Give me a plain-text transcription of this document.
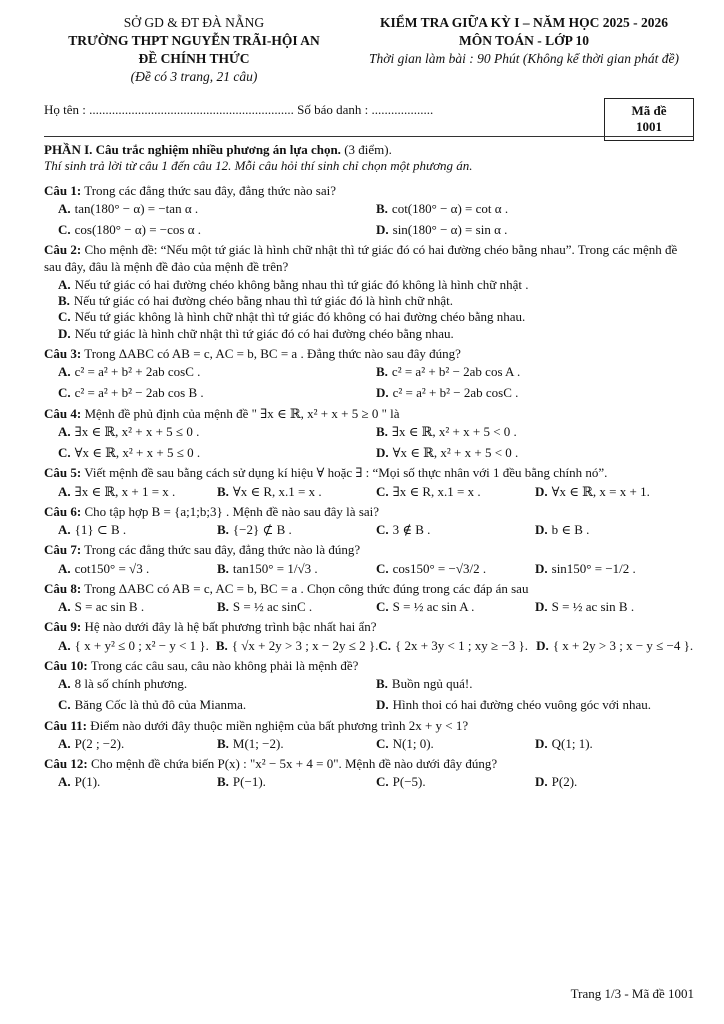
SỞ GD & ĐT ĐÀ NẴNG
TRƯỜNG THPT NGUYỄN TRÃI-HỘI AN
ĐỀ CHÍNH THỨC
(Đề có 3 trang, 21 câu)
KIỂM TRA GIỮA KỲ I – NĂM HỌC 2025 - 2026
MÔN TOÁN - LỚP 10
Thời gian làm bài : 90 Phút (Không kể thời gian phát đề)
Họ tên : ............................................................... Số báo danh : ...................	Mã đề 1001
PHẦN I. Câu trắc nghiệm nhiều phương án lựa chọn. (3 điểm).
Thí sinh trả lời từ câu 1 đến câu 12. Mỗi câu hỏi thí sinh chỉ chọn một phương án.
Câu 1: Trong các đẳng thức sau đây, đẳng thức nào sai?
A. tan(180° − α) = −tan α .	B. cot(180° − α) = cot α .
C. cos(180° − α) = −cos α .	D. sin(180° − α) = sin α .
Câu 2: Cho mệnh đề: “Nếu một tứ giác là hình chữ nhật thì tứ giác đó có hai đường chéo bằng nhau”. Trong các mệnh đề sau đây, đâu là mệnh đề đảo của mệnh đề trên?
A. Nếu tứ giác có hai đường chéo không bằng nhau thì tứ giác đó không là hình chữ nhật .
B. Nếu tứ giác có hai đường chéo bằng nhau thì tứ giác đó là hình chữ nhật.
C. Nếu tứ giác không là hình chữ nhật thì tứ giác đó không có hai đường chéo bằng nhau.
D. Nếu tứ giác là hình chữ nhật thì tứ giác đó có hai đường chéo bằng nhau.
Câu 3: Trong ΔABC có AB = c, AC = b, BC = a . Đẳng thức nào sau đây đúng?
A. c² = a² + b² + 2ab cosC .	B. c² = a² + b² − 2ab cos A .
C. c² = a² + b² − 2ab cos B .	D. c² = a² + b² − 2ab cosC .
Câu 4: Mệnh đề phủ định của mệnh đề " ∃x ∈ ℝ, x² + x + 5 ≥ 0 " là
A. ∃x ∈ ℝ, x² + x + 5 ≤ 0 .	B. ∃x ∈ ℝ, x² + x + 5 < 0 .
C. ∀x ∈ ℝ, x² + x + 5 ≤ 0 .	D. ∀x ∈ ℝ, x² + x + 5 < 0 .
Câu 5: Viết mệnh đề sau bằng cách sử dụng kí hiệu ∀ hoặc ∃ : “Mọi số thực nhân với 1 đều bằng chính nó”.
A. ∃x ∈ ℝ, x + 1 = x .	B. ∀x ∈ R, x.1 = x .	C. ∃x ∈ R, x.1 = x .	D. ∀x ∈ ℝ, x = x + 1.
Câu 6: Cho tập hợp B = {a;1;b;3} . Mệnh đề nào sau đây là sai?
A. {1} ⊂ B .	B. {−2} ⊄ B .	C. 3 ∉ B .	D. b ∈ B .
Câu 7: Trong các đẳng thức sau đây, đẳng thức nào là đúng?
A. cot150° = √3 .	B. tan150° = 1/√3 .	C. cos150° = −√3/2 .	D. sin150° = −1/2 .
Câu 8: Trong ΔABC có AB = c, AC = b, BC = a . Chọn công thức đúng trong các đáp án sau
A. S = ac sin B .	B. S = ½ ac sinC .	C. S = ½ ac sin A .	D. S = ½ ac sin B .
Câu 9: Hệ nào dưới đây là hệ bất phương trình bậc nhất hai ẩn?
A. { x + y² ≤ 0 ; x² − y < 1 }. B. { √x + 2y > 3 ; x − 2y ≤ 2 }. C. { 2x + 3y < 1 ; xy ≥ −3 }. D. { x + 2y > 3 ; x − y ≤ −4 }.
Câu 10: Trong các câu sau, câu nào không phải là mệnh đề?
A. 8 là số chính phương.	B. Buồn ngủ quá!.
C. Băng Cốc là thủ đô của Mianma.	D. Hình thoi có hai đường chéo vuông góc với nhau.
Câu 11: Điểm nào dưới đây thuộc miền nghiệm của bất phương trình 2x + y < 1?
A. P(2 ; −2).	B. M(1; −2).	C. N(1; 0).	D. Q(1; 1).
Câu 12: Cho mệnh đề chứa biến P(x) : "x² − 5x + 4 = 0". Mệnh đề nào dưới đây đúng?
A. P(1).	B. P(−1).	C. P(−5).	D. P(2).
Trang 1/3 - Mã đề 1001
